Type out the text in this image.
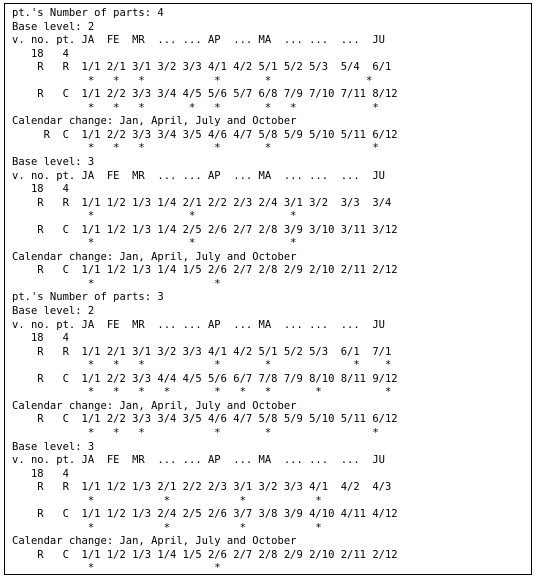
pt.'s Number of parts: 4
Base level: 2
v. no. pt. JA  FE  MR  ... ... AP  ... MA  ... ...  ...  JU
18   4
R   R  1/1 2/1 3/1 3/2 3/3 4/1 4/2 5/1 5/2 5/3  5/4  6/1
*   *   *           *       *               *
R   C  1/1 2/2 3/3 3/4 4/5 5/6 5/7 6/8 7/9 7/10 7/11 8/12
*   *   *       *   *       *   *            *
Calendar change: Jan, April, July and October
R  C  1/1 2/2 3/3 3/4 3/5 4/6 4/7 5/8 5/9 5/10 5/11 6/12
*   *   *           *       *                *
Base level: 3
v. no. pt. JA  FE  MR  ... ... AP  ... MA  ... ...  ...  JU
18   4
R   R  1/1 1/2 1/3 1/4 2/1 2/2 2/3 2/4 3/1 3/2  3/3  3/4
*               *               *
R   C  1/1 1/2 1/3 1/4 2/5 2/6 2/7 2/8 3/9 3/10 3/11 3/12
*               *               *
Calendar change: Jan, April, July and October
R   C  1/1 1/2 1/3 1/4 1/5 2/6 2/7 2/8 2/9 2/10 2/11 2/12
*                   *
pt.'s Number of parts: 3
Base level: 2
v. no. pt. JA  FE  MR  ... ... AP  ... MA  ... ...  ...  JU
18   4
R   R  1/1 2/1 3/1 3/2 3/3 4/1 4/2 5/1 5/2 5/3  6/1  7/1
*   *   *           *       *             *    *
R   C  1/1 2/2 3/3 4/4 4/5 5/6 6/7 7/8 7/9 8/10 8/11 9/12
*   *   *   *       *   *   *       *          *
Calendar change: Jan, April, July and October
R   C  1/1 2/2 3/3 3/4 3/5 4/6 4/7 5/8 5/9 5/10 5/11 6/12
*   *   *           *       *                *
Base level: 3
v. no. pt. JA  FE  MR  ... ... AP  ... MA  ... ...  ...  JU
18   4
R   R  1/1 1/2 1/3 2/1 2/2 2/3 3/1 3/2 3/3 4/1  4/2  4/3
*           *           *           *
R   C  1/1 1/2 1/3 2/4 2/5 2/6 3/7 3/8 3/9 4/10 4/11 4/12
*           *           *           *
Calendar change: Jan, April, July and October
R   C  1/1 1/2 1/3 1/4 1/5 2/6 2/7 2/8 2/9 2/10 2/11 2/12
*                   *
